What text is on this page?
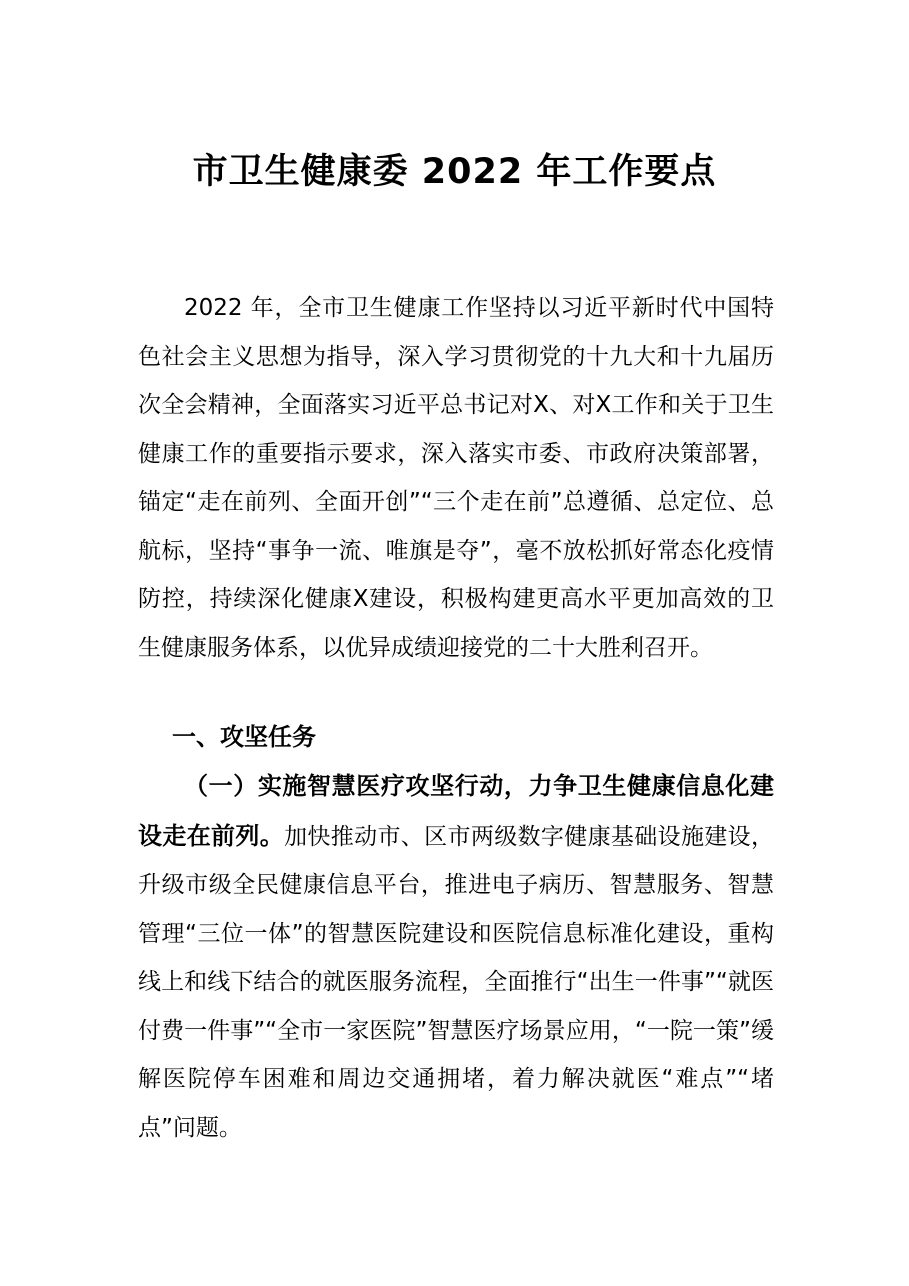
市卫生健康委 2022 年工作要点

2022 年，全市卫生健康工作坚持以习近平新时代中国特色社会主义思想为指导，深入学习贯彻党的十九大和十九届历次全会精神，全面落实习近平总书记对X、对X工作和关于卫生健康工作的重要指示要求，深入落实市委、市政府决策部署，锚定“走在前列、全面开创”“三个走在前”总遵循、总定位、总航标，坚持“事争一流、唯旗是夺”，毫不放松抓好常态化疫情防控，持续深化健康X建设，积极构建更高水平更加高效的卫生健康服务体系，以优异成绩迎接党的二十大胜利召开。

一、攻坚任务

（一）实施智慧医疗攻坚行动，力争卫生健康信息化建设走在前列。加快推动市、区市两级数字健康基础设施建设，升级市级全民健康信息平台，推进电子病历、智慧服务、智慧管理“三位一体”的智慧医院建设和医院信息标准化建设，重构线上和线下结合的就医服务流程，全面推行“出生一件事”“就医付费一件事”“全市一家医院”智慧医疗场景应用，“一院一策”缓解医院停车困难和周边交通拥堵，着力解决就医“难点”“堵点”问题。
